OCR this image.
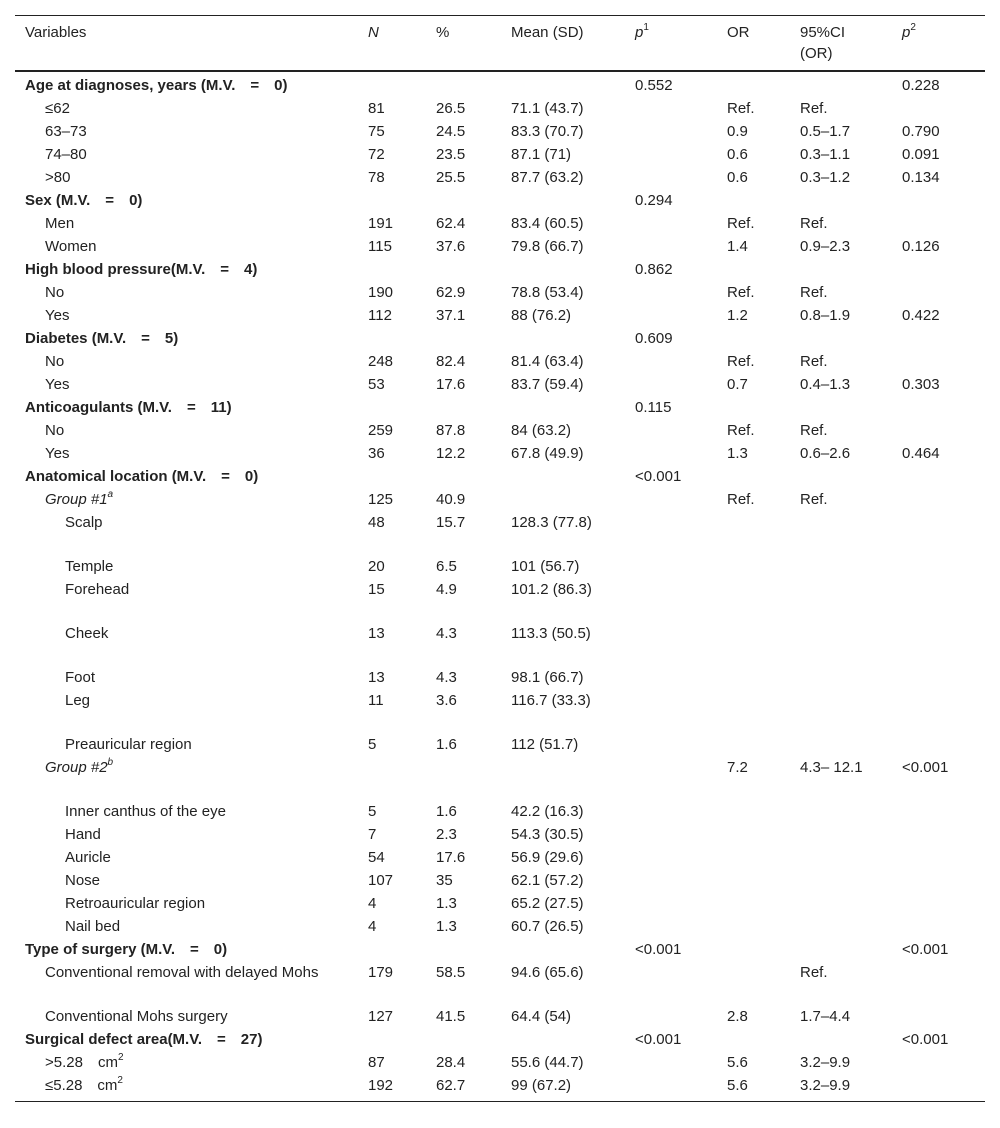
Variables	N	%	Mean (SD)	$p^1$	OR	95%CI
(OR)	$p^2$
Age at diagnoses, years (M.V. = 0)				0.552			0.228
≤62	81	26.5	71.1 (43.7)		Ref.	Ref.	
63–73	75	24.5	83.3 (70.7)		0.9	0.5–1.7	0.790
74–80	72	23.5	87.1 (71)		0.6	0.3–1.1	0.091
>80	78	25.5	87.7 (63.2)		0.6	0.3–1.2	0.134
Sex (M.V. = 0)				0.294			
Men	191	62.4	83.4 (60.5)		Ref.	Ref.	
Women	115	37.6	79.8 (66.7)		1.4	0.9–2.3	0.126
High blood pressure(M.V. = 4)				0.862			
No	190	62.9	78.8 (53.4)		Ref.	Ref.	
Yes	112	37.1	88 (76.2)		1.2	0.8–1.9	0.422
Diabetes (M.V. = 5)				0.609			
No	248	82.4	81.4 (63.4)		Ref.	Ref.	
Yes	53	17.6	83.7 (59.4)		0.7	0.4–1.3	0.303
Anticoagulants (M.V. = 11)				0.115			
No	259	87.8	84 (63.2)		Ref.	Ref.	
Yes	36	12.2	67.8 (49.9)		1.3	0.6–2.6	0.464
Anatomical location (M.V. = 0)				<0.001			
Group #1$^a$	125	40.9			Ref.	Ref.	
Scalp	48	15.7	128.3 (77.8)				
Temple	20	6.5	101 (56.7)				
Forehead	15	4.9	101.2 (86.3)				
Cheek	13	4.3	113.3 (50.5)				
Foot	13	4.3	98.1 (66.7)				
Leg	11	3.6	116.7 (33.3)				
Preauricular region	5	1.6	112 (51.7)				
Group #2$^b$					7.2	4.3– 12.1	<0.001
Inner canthus of the eye	5	1.6	42.2 (16.3)				
Hand	7	2.3	54.3 (30.5)				
Auricle	54	17.6	56.9 (29.6)				
Nose	107	35	62.1 (57.2)				
Retroauricular region	4	1.3	65.2 (27.5)				
Nail bed	4	1.3	60.7 (26.5)				
Type of surgery (M.V. = 0)				<0.001			<0.001
Conventional removal with delayed Mohs	179	58.5	94.6 (65.6)			Ref.	
Conventional Mohs surgery	127	41.5	64.4 (54)		2.8	1.7–4.4	
Surgical defect area(M.V. = 27)				<0.001			<0.001
>5.28 $cm^2$	87	28.4	55.6 (44.7)		5.6	3.2–9.9	
≤5.28 $cm^2$	192	62.7	99 (67.2)		5.6	3.2–9.9	
